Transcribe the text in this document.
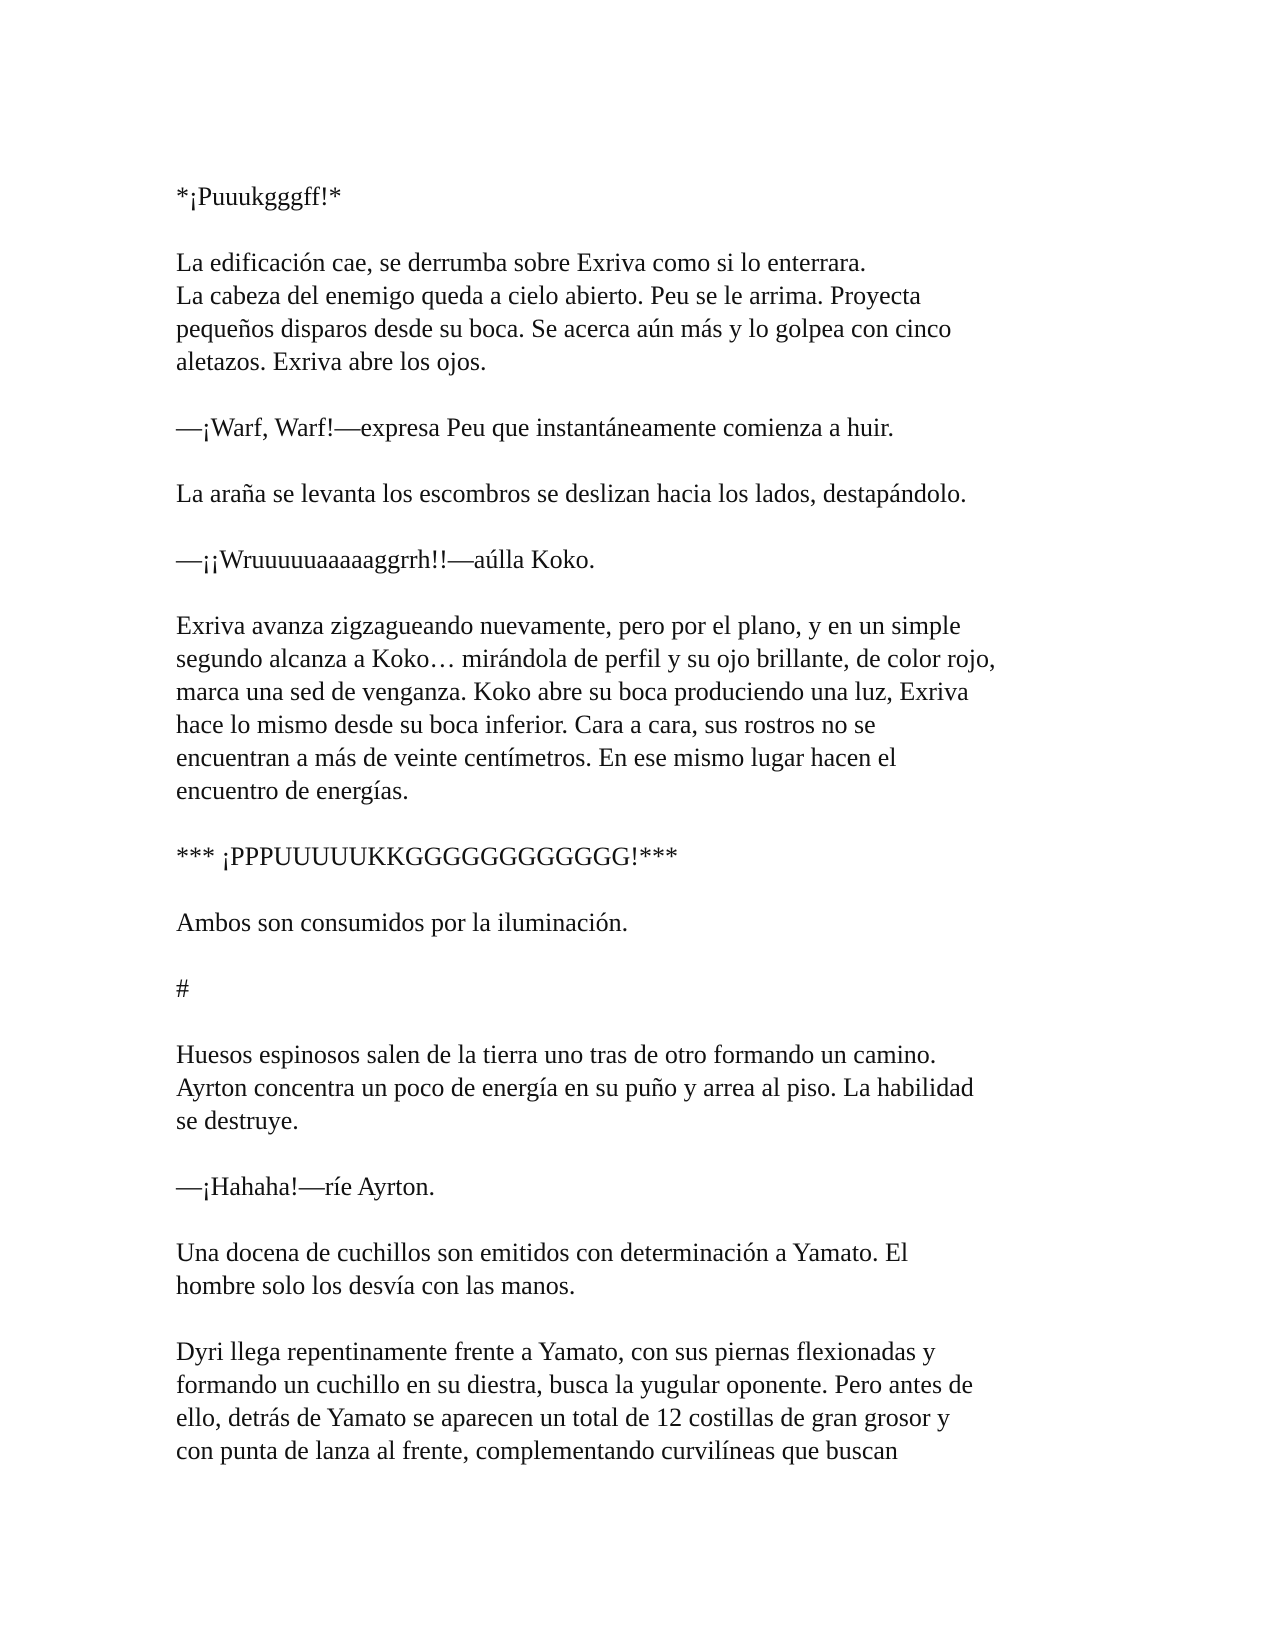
*¡Puuukgggff!*

La edificación cae, se derrumba sobre Exriva como si lo enterrara.
La cabeza del enemigo queda a cielo abierto. Peu se le arrima. Proyecta
pequeños disparos desde su boca. Se acerca aún más y lo golpea con cinco
aletazos. Exriva abre los ojos.

—¡Warf, Warf!—expresa Peu que instantáneamente comienza a huir.

La araña se levanta los escombros se deslizan hacia los lados, destapándolo.

—¡¡Wruuuuuaaaaaggrrh!!—aúlla Koko.

Exriva avanza zigzagueando nuevamente, pero por el plano, y en un simple
segundo alcanza a Koko… mirándola de perfil y su ojo brillante, de color rojo,
marca una sed de venganza. Koko abre su boca produciendo una luz, Exriva
hace lo mismo desde su boca inferior. Cara a cara, sus rostros no se
encuentran a más de veinte centímetros. En ese mismo lugar hacen el
encuentro de energías.

*** ¡PPPUUUUUKKGGGGGGGGGGGG!***

Ambos son consumidos por la iluminación.

#

Huesos espinosos salen de la tierra uno tras de otro formando un camino.
Ayrton concentra un poco de energía en su puño y arrea al piso. La habilidad
se destruye.

—¡Hahaha!—ríe Ayrton.

Una docena de cuchillos son emitidos con determinación a Yamato. El
hombre solo los desvía con las manos.

Dyri llega repentinamente frente a Yamato, con sus piernas flexionadas y
formando un cuchillo en su diestra, busca la yugular oponente. Pero antes de
ello, detrás de Yamato se aparecen un total de 12 costillas de gran grosor y
con punta de lanza al frente, complementando curvilíneas que buscan
